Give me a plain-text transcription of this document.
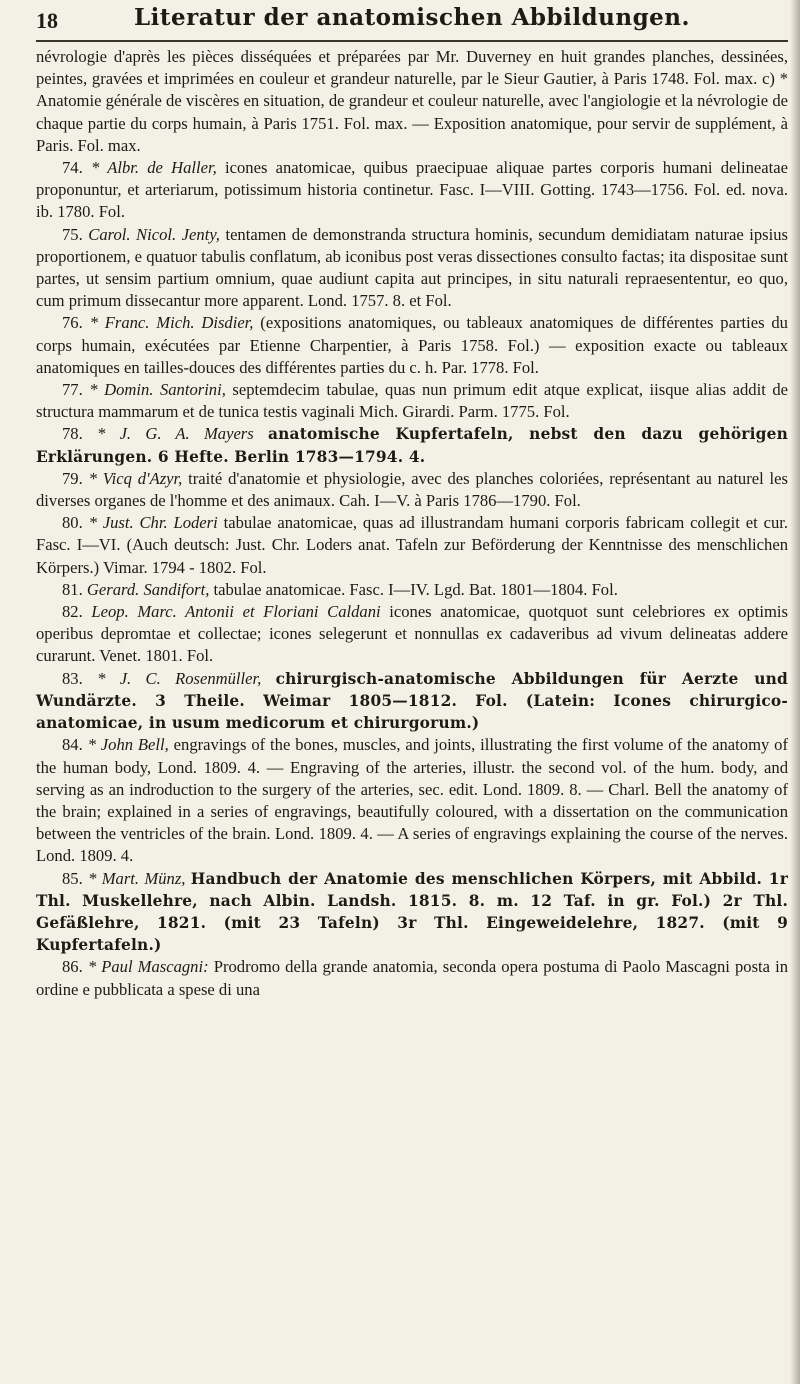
18	Literatur der anatomischen Abbildungen.

névrologie d'après les pièces disséquées et préparées par Mr. Duverney en huit grandes planches, dessinées, peintes, gravées et imprimées en couleur et grandeur naturelle, par le Sieur Gautier, à Paris 1748. Fol. max. c) * Anatomie générale de viscères en situation, de grandeur et couleur naturelle, avec l'angiologie et la névrologie de chaque partie du corps humain, à Paris 1751. Fol. max. — Exposition anatomique, pour servir de supplément, à Paris. Fol. max.

74. * Albr. de Haller, icones anatomicae, quibus praecipuae aliquae partes corporis humani delineatae proponuntur, et arteriarum, potissimum historia continetur. Fasc. I—VIII. Gotting. 1743—1756. Fol. ed. nova. ib. 1780. Fol.

75. Carol. Nicol. Jenty, tentamen de demonstranda structura hominis, secundum demidiatam naturae ipsius proportionem, e quatuor tabulis conflatum, ab iconibus post veras dissectiones consulto factas; ita dispositae sunt partes, ut sensim partium omnium, quae audiunt capita aut principes, in situ naturali repraesententur, eo quo, cum primum dissecantur more apparent. Lond. 1757. 8. et Fol.

76. * Franc. Mich. Disdier, (expositions anatomiques, ou tableaux anatomiques de différentes parties du corps humain, exécutées par Etienne Charpentier, à Paris 1758. Fol.) — exposition exacte ou tableaux anatomiques en tailles-douces des différentes parties du c. h. Par. 1778. Fol.

77. * Domin. Santorini, septemdecim tabulae, quas nun primum edit atque explicat, iisque alias addit de structura mammarum et de tunica testis vaginali Mich. Girardi. Parm. 1775. Fol.

78. * J. G. A. Mayers anatomische Kupfertafeln, nebst den dazu gehörigen Erklärungen. 6 Hefte. Berlin 1783—1794. 4.

79. * Vicq d'Azyr, traité d'anatomie et physiologie, avec des planches coloriées, représentant au naturel les diverses organes de l'homme et des animaux. Cah. I—V. à Paris 1786—1790. Fol.

80. * Just. Chr. Loderi tabulae anatomicae, quas ad illustrandam humani corporis fabricam collegit et cur. Fasc. I—VI. (Auch deutsch: Just. Chr. Loders anat. Tafeln zur Beförderung der Kenntnisse des menschlichen Körpers.) Vimar. 1794 - 1802. Fol.

81. Gerard. Sandifort, tabulae anatomicae. Fasc. I—IV. Lgd. Bat. 1801—1804. Fol.

82. Leop. Marc. Antonii et Floriani Caldani icones anatomicae, quotquot sunt celebriores ex optimis operibus depromtae et collectae; icones selegerunt et nonnullas ex cadaveribus ad vivum delineatas addere curarunt. Venet. 1801. Fol.

83. * J. C. Rosenmüller, chirurgisch-anatomische Abbildungen für Aerzte und Wundärzte. 3 Theile. Weimar 1805—1812. Fol. (Latein: Icones chirurgico-anatomicae, in usum medicorum et chirurgorum.)

84. * John Bell, engravings of the bones, muscles, and joints, illustrating the first volume of the anatomy of the human body, Lond. 1809. 4. — Engraving of the arteries, illustr. the second vol. of the hum. body, and serving as an indroduction to the surgery of the arteries, sec. edit. Lond. 1809. 8. — Charl. Bell the anatomy of the brain; explained in a series of engravings, beautifully coloured, with a dissertation on the communication between the ventricles of the brain. Lond. 1809. 4. — A series of engravings explaining the course of the nerves. Lond. 1809. 4.

85. * Mart. Münz, Handbuch der Anatomie des menschlichen Körpers, mit Abbild. 1r Thl. Muskellehre, nach Albin. Landsh. 1815. 8. m. 12 Taf. in gr. Fol.) 2r Thl. Gefäßlehre, 1821. (mit 23 Tafeln) 3r Thl. Eingeweidelehre, 1827. (mit 9 Kupfertafeln.)

86. * Paul Mascagni: Prodromo della grande anatomia, seconda opera postuma di Paolo Mascagni posta in ordine e pubblicata a spese di una
